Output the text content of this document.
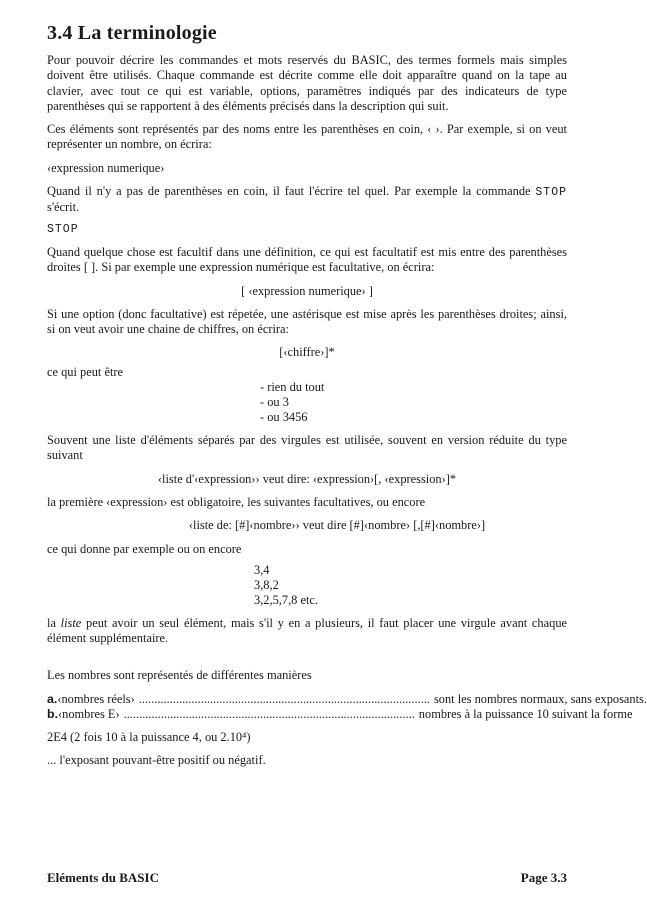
3.4 La terminologie

Pour pouvoir décrire les commandes et mots reservés du BASIC, des termes formels mais simples doivent être utilisés. Chaque commande est décrite comme elle doit apparaître quand on la tape au clavier, avec tout ce qui est variable, options, paramètres indiqués par des indicateurs de type parenthèses qui se rapportent à des éléments précisés dans la description qui suit.

Ces éléments sont représentés par des noms entre les parenthèses en coin, ‹ ›. Par exemple, si on veut représenter un nombre, on écrira:

‹expression numerique›

Quand il n'y a pas de parenthèses en coin, il faut l'écrire tel quel. Par exemple la commande STOP s'écrit.

STOP

Quand quelque chose est facultif dans une définition, ce qui est facultatif est mis entre des parenthèses droites [ ]. Si par exemple une expression numérique est facultative, on écrira:

[ ‹expression numerique› ]

Si une option (donc facultative) est répetée, une astérisque est mise après les parenthèses droites; ainsi, si on veut avoir une chaine de chiffres, on écrira:

[‹chiffre›]*

ce qui peut être

- rien du tout
- ou 3
- ou 3456

Souvent une liste d'éléments séparés par des virgules est utilisée, souvent en version réduite du type suivant

‹liste d'‹expression›› veut dire: ‹expression›[, ‹expression›]*

la première ‹expression› est obligatoire, les suivantes facultatives, ou encore

‹liste de: [#]‹nombre›› veut dire [#]‹nombre› [,[#]‹nombre›]

ce qui donne par exemple ou on encore

3,4
3,8,2
3,2,5,7,8 etc.

la liste peut avoir un seul élément, mais s'il y en a plusieurs, il faut placer une virgule avant chaque élément supplémentaire.

Les nombres sont représentés de différentes manières

a. ‹nombres réels› .............................................................................................. sont les nombres normaux, sans exposants.
b. ‹nombres E› .............................................................................................. nombres à la puissance 10 suivant la forme

2E4 (2 fois 10 à la puissance 4, ou 2.10⁴)

... l'exposant pouvant-être positif ou négatif.

Eléments du BASIC	Page 3.3
